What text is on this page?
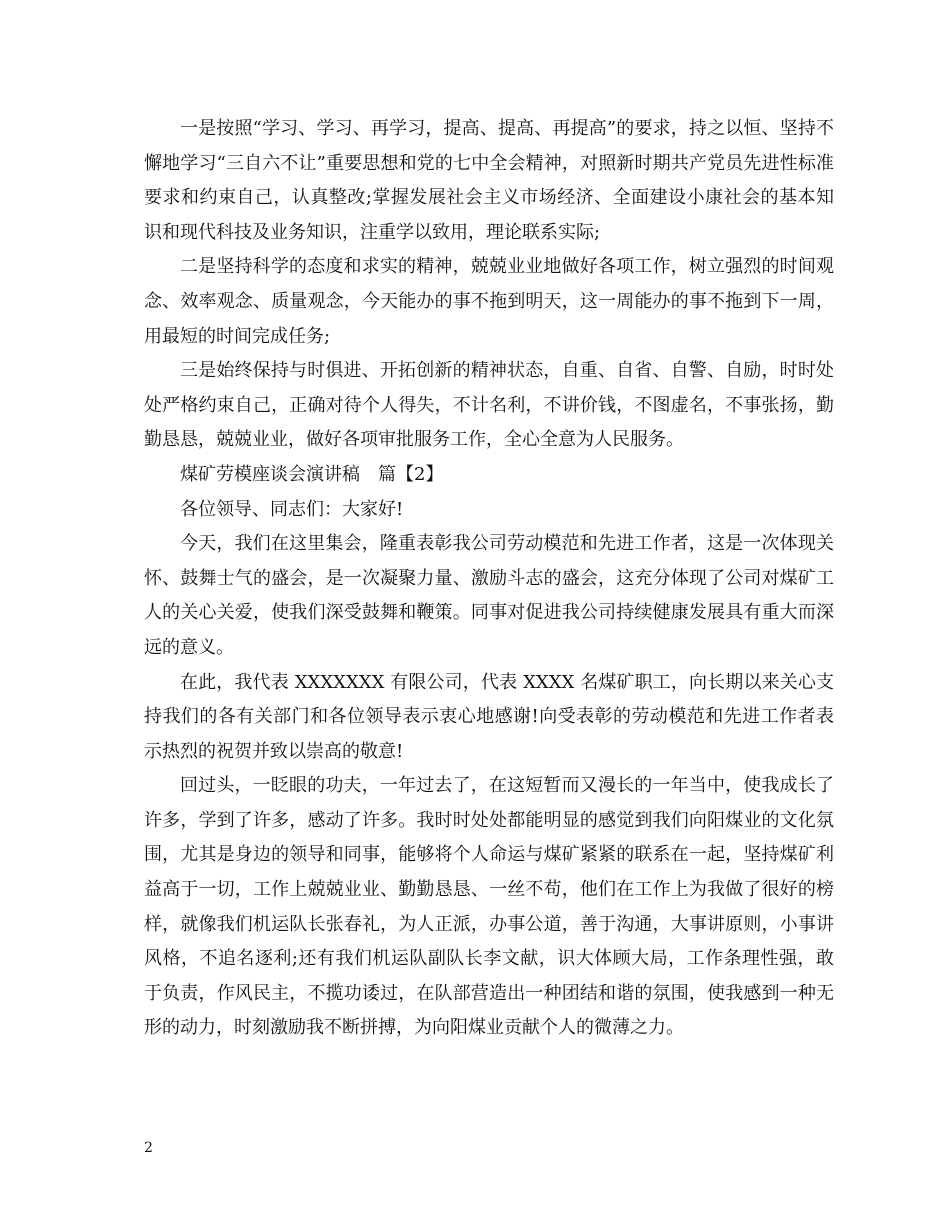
一是按照“学习、学习、再学习，提高、提高、再提高”的要求，持之以恒、坚持不懈地学习“三自六不让”重要思想和党的七中全会精神，对照新时期共产党员先进性标准要求和约束自己，认真整改;掌握发展社会主义市场经济、全面建设小康社会的基本知识和现代科技及业务知识，注重学以致用，理论联系实际;

二是坚持科学的态度和求实的精神，兢兢业业地做好各项工作，树立强烈的时间观念、效率观念、质量观念，今天能办的事不拖到明天，这一周能办的事不拖到下一周，用最短的时间完成任务;

三是始终保持与时俱进、开拓创新的精神状态，自重、自省、自警、自励，时时处处严格约束自己，正确对待个人得失，不计名利，不讲价钱，不图虚名，不事张扬，勤勤恳恳，兢兢业业，做好各项审批服务工作，全心全意为人民服务。

煤矿劳模座谈会演讲稿　篇【2】

各位领导、同志们：大家好!

今天，我们在这里集会，隆重表彰我公司劳动模范和先进工作者，这是一次体现关怀、鼓舞士气的盛会，是一次凝聚力量、激励斗志的盛会，这充分体现了公司对煤矿工人的关心关爱，使我们深受鼓舞和鞭策。同事对促进我公司持续健康发展具有重大而深远的意义。

在此，我代表 XXXXXXX 有限公司，代表 XXXX 名煤矿职工，向长期以来关心支持我们的各有关部门和各位领导表示衷心地感谢!向受表彰的劳动模范和先进工作者表示热烈的祝贺并致以崇高的敬意!

回过头，一眨眼的功夫，一年过去了，在这短暂而又漫长的一年当中，使我成长了许多，学到了许多，感动了许多。我时时处处都能明显的感觉到我们向阳煤业的文化氛围，尤其是身边的领导和同事，能够将个人命运与煤矿紧紧的联系在一起，坚持煤矿利益高于一切，工作上兢兢业业、勤勤恳恳、一丝不苟，他们在工作上为我做了很好的榜样，就像我们机运队长张春礼，为人正派，办事公道，善于沟通，大事讲原则，小事讲风格，不追名逐利;还有我们机运队副队长李文献，识大体顾大局，工作条理性强，敢于负责，作风民主，不揽功诿过，在队部营造出一种团结和谐的氛围，使我感到一种无形的动力，时刻激励我不断拼搏，为向阳煤业贡献个人的微薄之力。

2
